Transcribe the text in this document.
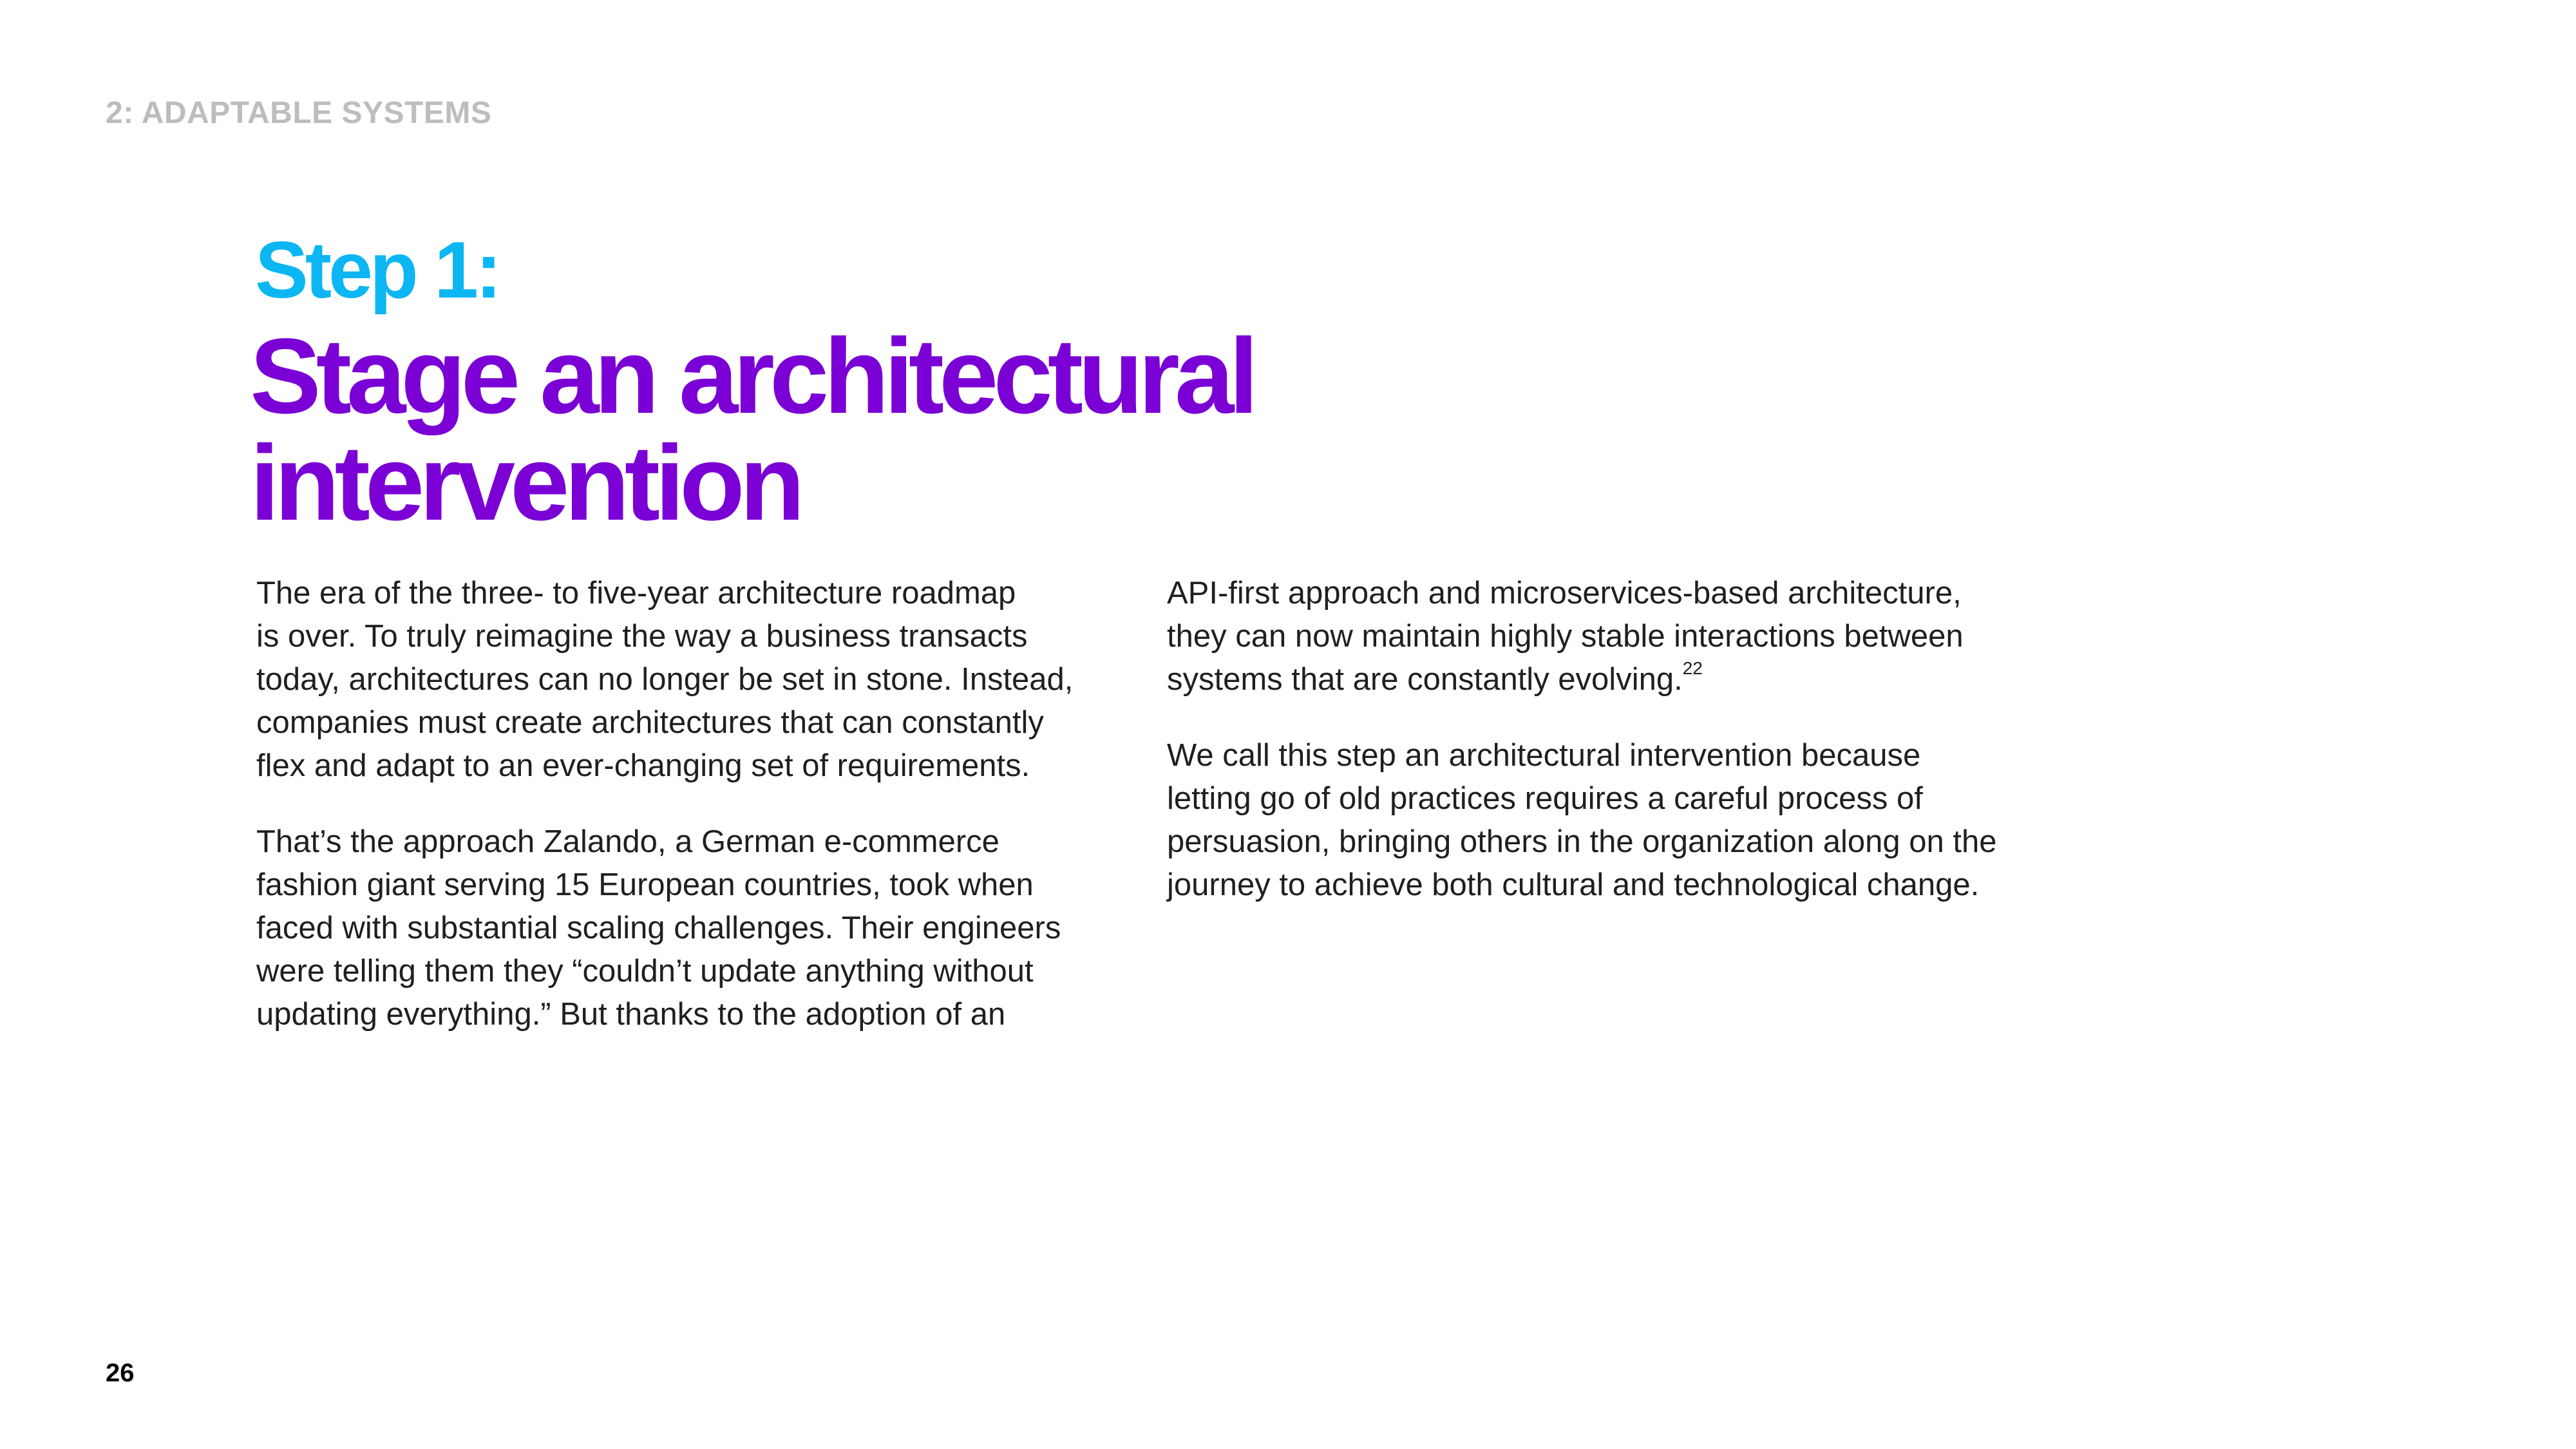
2: ADAPTABLE SYSTEMS
Step 1:
Stage an architectural
intervention

The era of the three- to five-year architecture roadmap
is over. To truly reimagine the way a business transacts
today, architectures can no longer be set in stone. Instead,
companies must create architectures that can constantly
flex and adapt to an ever-changing set of requirements.

That’s the approach Zalando, a German e-commerce
fashion giant serving 15 European countries, took when
faced with substantial scaling challenges. Their engineers
were telling them they “couldn’t update anything without
updating everything.” But thanks to the adoption of an

API-first approach and microservices-based architecture,
they can now maintain highly stable interactions between
systems that are constantly evolving.$^{22}$

We call this step an architectural intervention because
letting go of old practices requires a careful process of
persuasion, bringing others in the organization along on the
journey to achieve both cultural and technological change.

26
